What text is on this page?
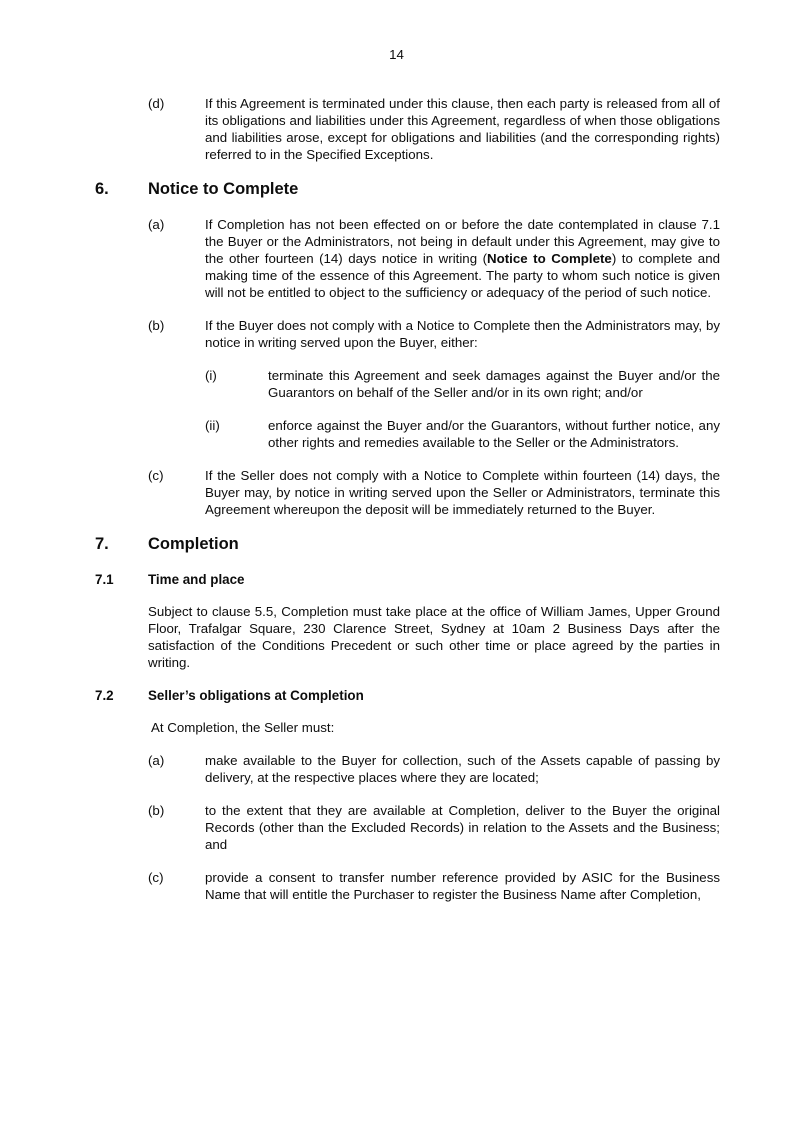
14
(d)	If this Agreement is terminated under this clause, then each party is released from all of its obligations and liabilities under this Agreement, regardless of when those obligations and liabilities arose, except for obligations and liabilities (and the corresponding rights) referred to in the Specified Exceptions.
6.	Notice to Complete
(a)	If Completion has not been effected on or before the date contemplated in clause 7.1 the Buyer or the Administrators, not being in default under this Agreement, may give to the other fourteen (14) days notice in writing (Notice to Complete) to complete and making time of the essence of this Agreement. The party to whom such notice is given will not be entitled to object to the sufficiency or adequacy of the period of such notice.
(b)	If the Buyer does not comply with a Notice to Complete then the Administrators may, by notice in writing served upon the Buyer, either:
(i)	terminate this Agreement and seek damages against the Buyer and/or the Guarantors on behalf of the Seller and/or in its own right; and/or
(ii)	enforce against the Buyer and/or the Guarantors, without further notice, any other rights and remedies available to the Seller or the Administrators.
(c)	If the Seller does not comply with a Notice to Complete within fourteen (14) days, the Buyer may, by notice in writing served upon the Seller or Administrators, terminate this Agreement whereupon the deposit will be immediately returned to the Buyer.
7.	Completion
7.1	Time and place
Subject to clause 5.5, Completion must take place at the office of William James, Upper Ground Floor, Trafalgar Square, 230 Clarence Street, Sydney at 10am 2 Business Days after the satisfaction of the Conditions Precedent or such other time or place agreed by the parties in writing.
7.2	Seller’s obligations at Completion
At Completion, the Seller must:
(a)	make available to the Buyer for collection, such of the Assets capable of passing by delivery, at the respective places where they are located;
(b)	to the extent that they are available at Completion, deliver to the Buyer the original Records (other than the Excluded Records) in relation to the Assets and the Business; and
(c)	provide a consent to transfer number reference provided by ASIC for the Business Name that will entitle the Purchaser to register the Business Name after Completion,
